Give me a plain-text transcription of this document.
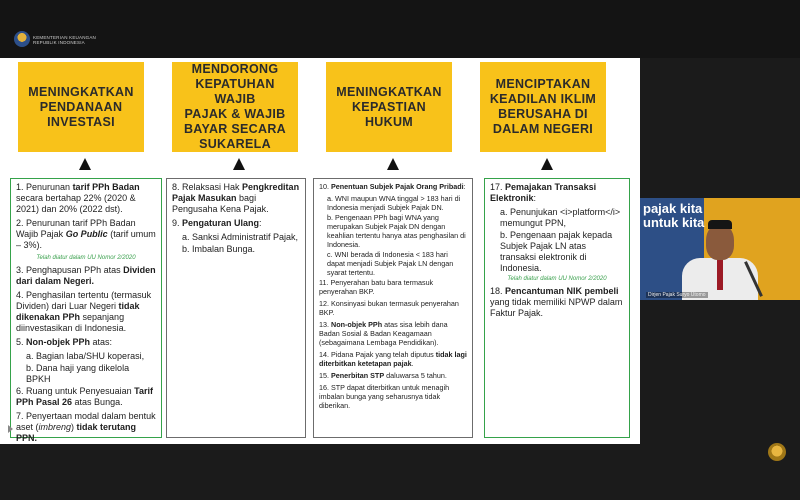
KEMENTERIAN KEUANGAN REPUBLIK INDONESIA
MENINGKATKAN
PENDANAAN
INVESTASI
MENDORONG
KEPATUHAN WAJIB
PAJAK & WAJIB
BAYAR SECARA
SUKARELA
MENINGKATKAN
KEPASTIAN HUKUM
MENCIPTAKAN
KEADILAN IKLIM
BERUSAHA DI
DALAM NEGERI
1. Penurunan tarif PPh Badan secara bertahap 22% (2020 & 2021) dan 20% (2022 dst).
2. Penurunan tarif PPh Badan Wajib Pajak Go Public (tarif umum – 3%).
Telah diatur dalam UU Nomor 2/2020
3. Penghapusan PPh atas Dividen dari dalam Negeri.
4. Penghasilan tertentu (termasuk Dividen) dari Luar Negeri tidak dikenakan PPh sepanjang diinvestasikan di Indonesia.
5. Non-objek PPh atas:
a. Bagian laba/SHU koperasi,
b. Dana haji yang dikelola BPKH
6. Ruang untuk Penyesuaian Tarif PPh Pasal 26 atas Bunga.
7. Penyertaan modal dalam bentuk aset (imbreng) tidak terutang PPN.
8. Relaksasi Hak Pengkreditan Pajak Masukan bagi Pengusaha Kena Pajak.
9. Pengaturan Ulang:
a. Sanksi Administratif Pajak,
b. Imbalan Bunga.
10. Penentuan Subjek Pajak Orang Pribadi:
a. WNI maupun WNA tinggal > 183 hari di Indonesia menjadi Subjek Pajak DN.
b. Pengenaan PPh bagi WNA yang merupakan Subjek Pajak DN dengan keahlian tertentu hanya atas penghasilan di Indonesia.
c. WNI berada di Indonesia < 183 hari dapat menjadi Subjek Pajak LN dengan syarat tertentu.
11. Penyerahan batu bara termasuk penyerahan BKP.
12. Konsinyasi bukan termasuk penyerahan BKP.
13. Non-objek PPh atas sisa lebih dana Badan Sosial & Badan Keagamaan (sebagaimana Lembaga Pendidikan).
14. Pidana Pajak yang telah diputus tidak lagi diterbitkan ketetapan pajak.
15. Penerbitan STP daluwarsa 5 tahun.
16. STP dapat diterbitkan untuk menagih imbalan bunga yang seharusnya tidak diberikan.
17. Pemajakan Transaksi Elektronik:
a. Penunjukan <i>platform</i> memungut PPN,
b. Pengenaan pajak kepada Subjek Pajak LN atas transaksi elektronik di Indonesia.
Telah diatur dalam UU Nomor 2/2020
18. Pencantuman NIK pembeli yang tidak memiliki NPWP dalam Faktur Pajak.
pajak kita
untuk kita
Dirjen Pajak Suryo Utomo
